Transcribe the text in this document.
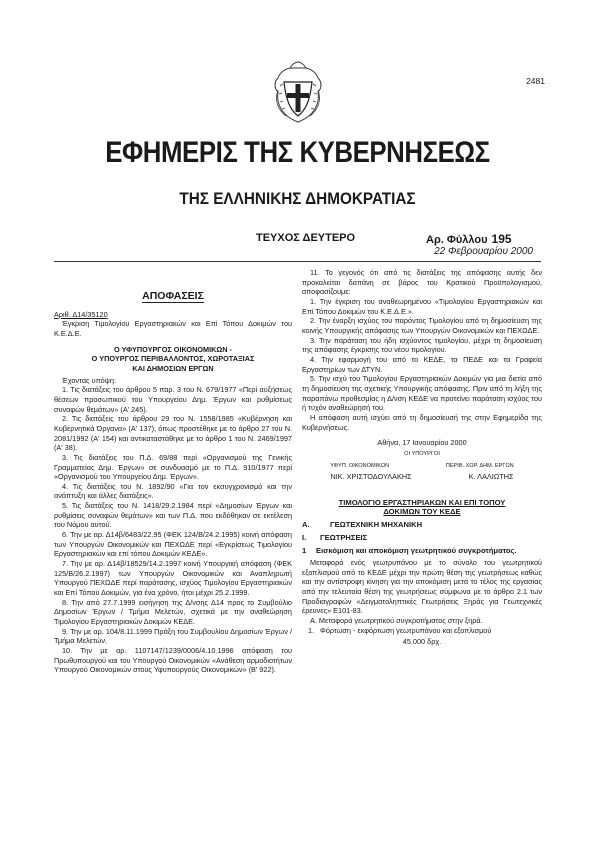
2481
ΕΦΗΜΕΡΙΣ ΤΗΣ ΚΥΒΕΡΝΗΣΕΩΣ
ΤΗΣ ΕΛΛΗΝΙΚΗΣ ΔΗΜΟΚΡΑΤΙΑΣ
ΤΕΥΧΟΣ ΔΕΥΤΕΡΟ	Αρ. Φύλλου 195
22 Φεβρουαρίου 2000
ΑΠΟΦΑΣΕΙΣ

Αριθ. Δ14/35120

Έγκριση Τιμολογίου Εργαστηριακών και Επί Τόπου Δοκιμών του Κ.Ε.Δ.Ε.

Ο ΥΦΥΠΟΥΡΓΟΣ ΟΙΚΟΝΟΜΙΚΩΝ -

Ο ΥΠΟΥΡΓΟΣ ΠΕΡΙΒΑΛΛΟΝΤΟΣ, ΧΩΡΟΤΑΞΙΑΣ

ΚΑΙ ΔΗΜΟΣΙΩΝ ΕΡΓΩΝ

Έχοντας υπόψη:

1. Τις διατάξεις του άρθρου 5 παρ. 3 του Ν. 679/1977 «Περί αυξήσεως θέσεων προσωπικού του Υπουργείου Δημ. Έργων και ρυθμίσεως συναφών θεμάτων» (Α' 245).

2. Τις διατάξεις του άρθρου 29 του Ν. 1558/1985 «Κυβέρνηση και Κυβερνητικά Όργανα» (Α' 137), όπως προστέθηκε με το άρθρο 27 του Ν. 2081/1992 (Α' 154) και αντικαταστάθηκε με το άρθρο 1 του Ν. 2469/1997 (Α' 38).

3. Τις διατάξεις του Π.Δ. 69/88 περί «Οργανισμού της Γενικής Γραμματείας Δημ. Έργων» σε συνδυασμό με το Π.Δ. 910/1977 περί «Οργανισμού του Υπουργείου Δημ. Έργων».

4. Τις διατάξεις του Ν. 1892/90 «Για τον εκσυγχρονισμό και την ανάπτυξη και άλλες διατάξεις».

5. Τις διατάξεις του Ν. 1418/29.2.1984 περί «Δημοσίων Έργων και ρυθμίσεις συναφών θεμάτων» και των Π.Δ. που εκδόθηκαν σε εκτέλεση του Νόμου αυτού.

6. Την με αρ. Δ14β/6483/22.95 (ΦΕΚ 124/Β/24.2.1995) κοινή απόφαση των Υπουργών Οικονομικών και ΠΕΧΩΔΕ περί «Εγκρίσεως Τιμολογίου Εργαστηριακών και επί τόπου Δοκιμών ΚΕΔΕ».

7. Την με αρ. Δ14β/18529/14.2.1997 κοινή Υπουργική απόφαση (ΦΕΚ 125/Β/26.2.1997) των Υπουργών Οικονομικών και Αναπληρωτή Υπουργού ΠΕΧΩΔΕ περί παράτασης, ισχύος Τιμολογίου Εργαστηριακών και Επί Τόπου Δοκιμών, για ένα χρόνο, ήτοι μέχρι 25.2.1999.

8. Την από 27.7.1999 εισήγηση της Δ/νσης Δ14 προς το Συμβούλιο Δημοσίων Έργων / Τμήμα Μελετών, σχετικά με την αναθεώρηση Τιμολογίου Εργαστηριακών Δοκιμών ΚΕΔΕ.

9. Την με αρ. 104/8.11.1999 Πράξη του Συμβουλίου Δημοσίων Έργων / Τμήμα Μελετών.

10. Την με αρ. 1107147/1239/0006/4.10.1996 απόφαση του Πρωθυπουργού και του Υπουργού Οικονομικών «Ανάθεση αρμοδιοτήτων Υπουργού Οικονομικών στους Υφυπουργούς Οικονομικών» (Β' 922).

11. Το γεγονός ότι από τις διατάξεις της απόφασης αυτής δεν προκαλείται δαπάνη σε βάρος του Κρατικού Προϋπολογισμού, αποφασίζουμε:

1. Την έγκριση του αναθεωρημένου «Τιμολογίου Εργαστηριακών και Επί Τόπου Δοκιμών του Κ.Ε.Δ.Ε.».

2. Την έναρξη ισχύος του παρόντος Τιμολογίου από τη δημοσίευση της κοινής Υπουργικής απόφασης των Υπουργών Οικονομικών και ΠΕΧΩΔΕ.

3. Την παράταση του ήδη ισχύοντος τιμολογίου, μέχρι τη δημοσίευση της απόφασης έγκρισης του νέου τιμολογίου.

4. Την εφαρμογή του από το ΚΕΔΕ, τα ΠΕΔΕ και τα Γραφεία Εργαστηρίων των ΔΤΥΝ.

5. Την ισχύ του Τιμολογίου Εργαστηριακών Δοκιμών για μια διετία από τη δημοσίευση της σχετικής Υπουργικής απόφασης. Πριν από τη λήξη της παραπάνω προθεσμίας η Δ/νση ΚΕΔΕ να προτείνει παράταση ισχύος του ή τυχόν αναθεώρησή του.

Η απόφαση αυτή ισχύει από τη δημοσίευσή της στην Εφημερίδα της Κυβερνήσεως.

Αθήνα, 17 Ιανουαρίου 2000

ΟΙ ΥΠΟΥΡΓΟΙ

ΥΦΥΠ. ΟΙΚΟΝΟΜΙΚΩΝ	ΠΕΡΙΒ. ΧΩΡ. ΔΗΜ. ΕΡΓΩΝ
ΝΙΚ. ΧΡΙΣΤΟΔΟΥΛΑΚΗΣ	Κ. ΛΑΛΙΩΤΗΣ
ΤΙΜΟΛΟΓΙΟ ΕΡΓΑΣΤΗΡΙΑΚΩΝ ΚΑΙ ΕΠΙ ΤΟΠΟΥ
ΔΟΚΙΜΩΝ ΤΟΥ ΚΕΔΕ
Α.	ΓΕΩΤΕΧΝΙΚΗ ΜΗΧΑΝΙΚΗ
Ι.	ΓΕΩΤΡΗΣΕΙΣ
1	Εισκόμιση και αποκόμιση γεωτρητικού συγκροτήματος.

Μεταφορά ενός γεωτρυπάνου με το σύνολο του γεωτρητικού εξοπλισμού από το ΚΕΔΕ μέχρι την πρώτη θέση της γεωτρήσεως καθώς και την αντίστροφη κίνηση για την αποκόμιση μετά το τέλος της εργασίας από την τελευταία θέση της γεωτρήσεως σύμφωνα με το άρθρο 2.1 των Προδιαγραφών «Δειγματοληπτικές Γεωτρήσεις Ξηράς για Γεωτεχνικές έρευνες» Ε101-83.

Α. Μεταφορά γεωτρητικού συγκροτήματος στην ξηρά.

1. Φόρτωση - εκφόρτωση γεωτρυπάνου και εξοπλισμού
45.000 δρχ.
